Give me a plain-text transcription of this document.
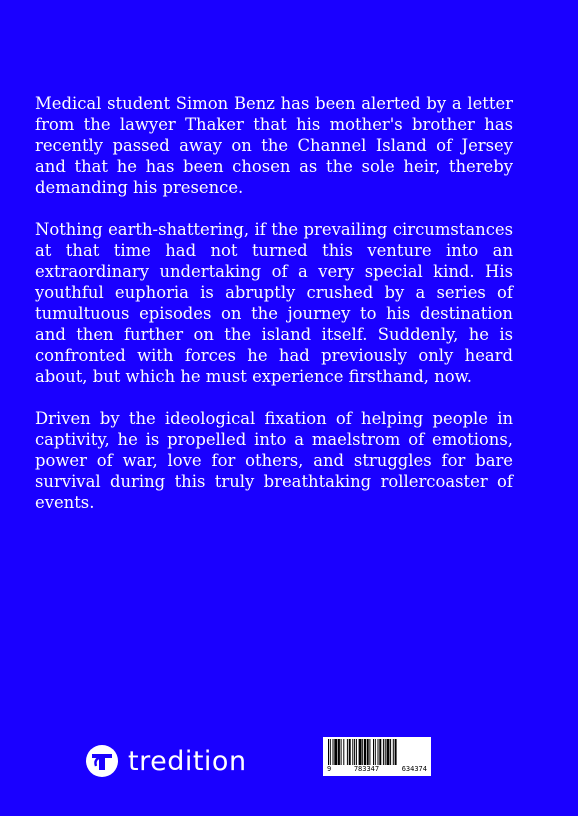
Medical student Simon Benz has been alerted by a letter from the lawyer Thaker that his mother's brother has recently passed away on the Channel Island of Jersey and that he has been chosen as the sole heir, thereby demanding his presence.

Nothing earth-shattering, if the prevailing circumstances at that time had not turned this venture into an extraordinary undertaking of a very special kind. His youthful euphoria is abruptly crushed by a series of tumultuous episodes on the journey to his destination and then further on the island itself. Suddenly, he is confronted with forces he had previously only heard about, but which he must experience firsthand, now.

Driven by the ideological fixation of helping people in captivity, he is propelled into a maelstrom of emotions, power of war, love for others, and struggles for bare survival during this truly breathtaking rollercoaster of events.

tredition	9	783347	634374
